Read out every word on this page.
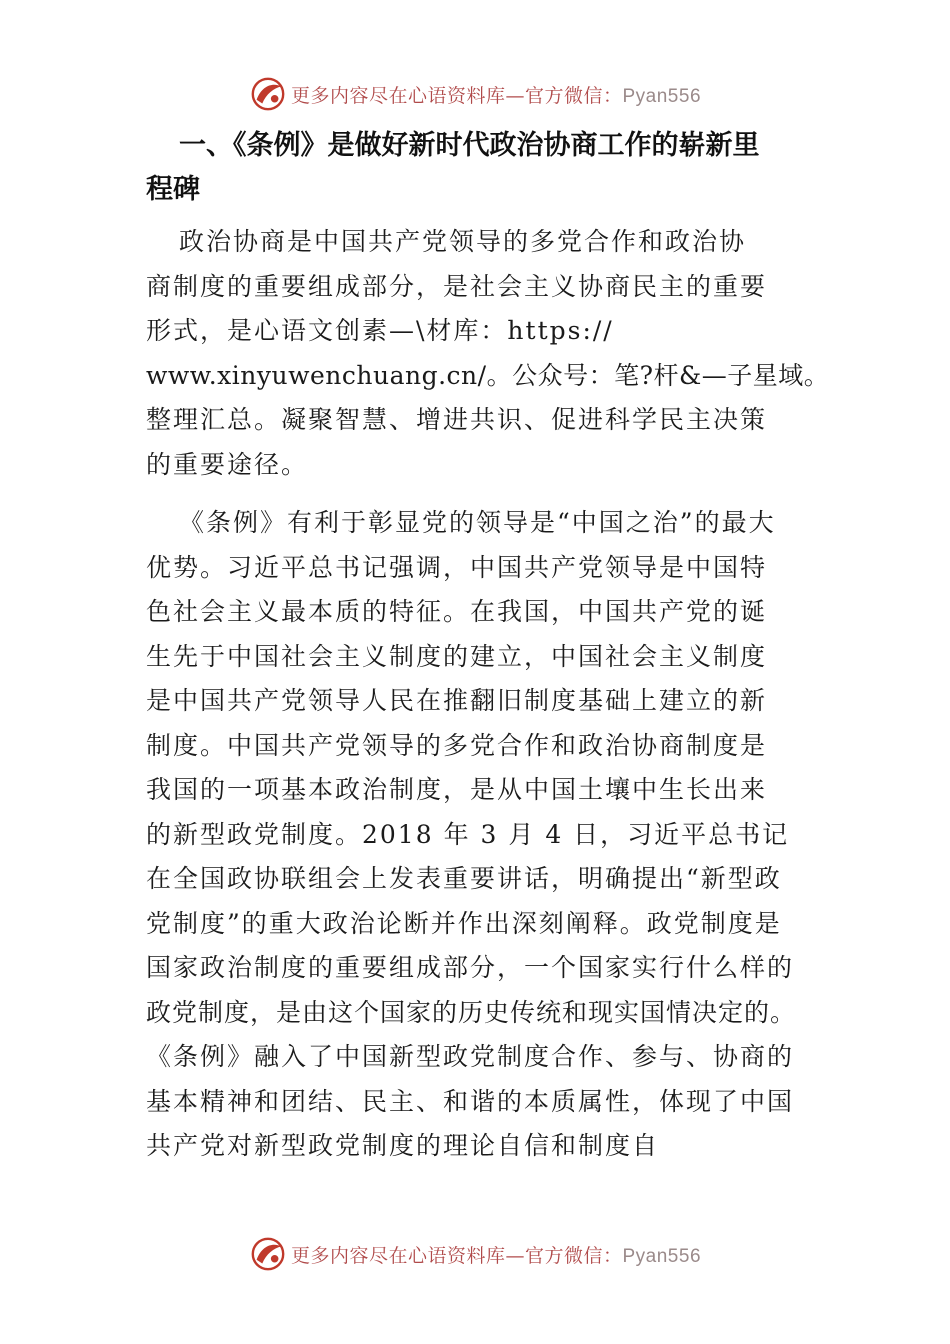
更多内容尽在心语资料库—官方微信：Pyan556
一、《条例》是做好新时代政治协商工作的崭新里
程碑

政治协商是中国共产党领导的多党合作和政治协
商制度的重要组成部分，是社会主义协商民主的重要
形式，是心语文创素—\材库：https://
www.xinyuwenchuang.cn/。公众号：笔?杆&—子星域。
整理汇总。凝聚智慧、增进共识、促进科学民主决策
的重要途径。

《条例》有利于彰显党的领导是“中国之治”的最大
优势。习近平总书记强调，中国共产党领导是中国特
色社会主义最本质的特征。在我国，中国共产党的诞
生先于中国社会主义制度的建立，中国社会主义制度
是中国共产党领导人民在推翻旧制度基础上建立的新
制度。中国共产党领导的多党合作和政治协商制度是
我国的一项基本政治制度，是从中国土壤中生长出来
的新型政党制度。2018 年 3 月 4 日，习近平总书记
在全国政协联组会上发表重要讲话，明确提出“新型政
党制度”的重大政治论断并作出深刻阐释。政党制度是
国家政治制度的重要组成部分，一个国家实行什么样的
政党制度，是由这个国家的历史传统和现实国情决定的。
《条例》融入了中国新型政党制度合作、参与、协商的
基本精神和团结、民主、和谐的本质属性，体现了中国
共产党对新型政党制度的理论自信和制度自

更多内容尽在心语资料库—官方微信：Pyan556
